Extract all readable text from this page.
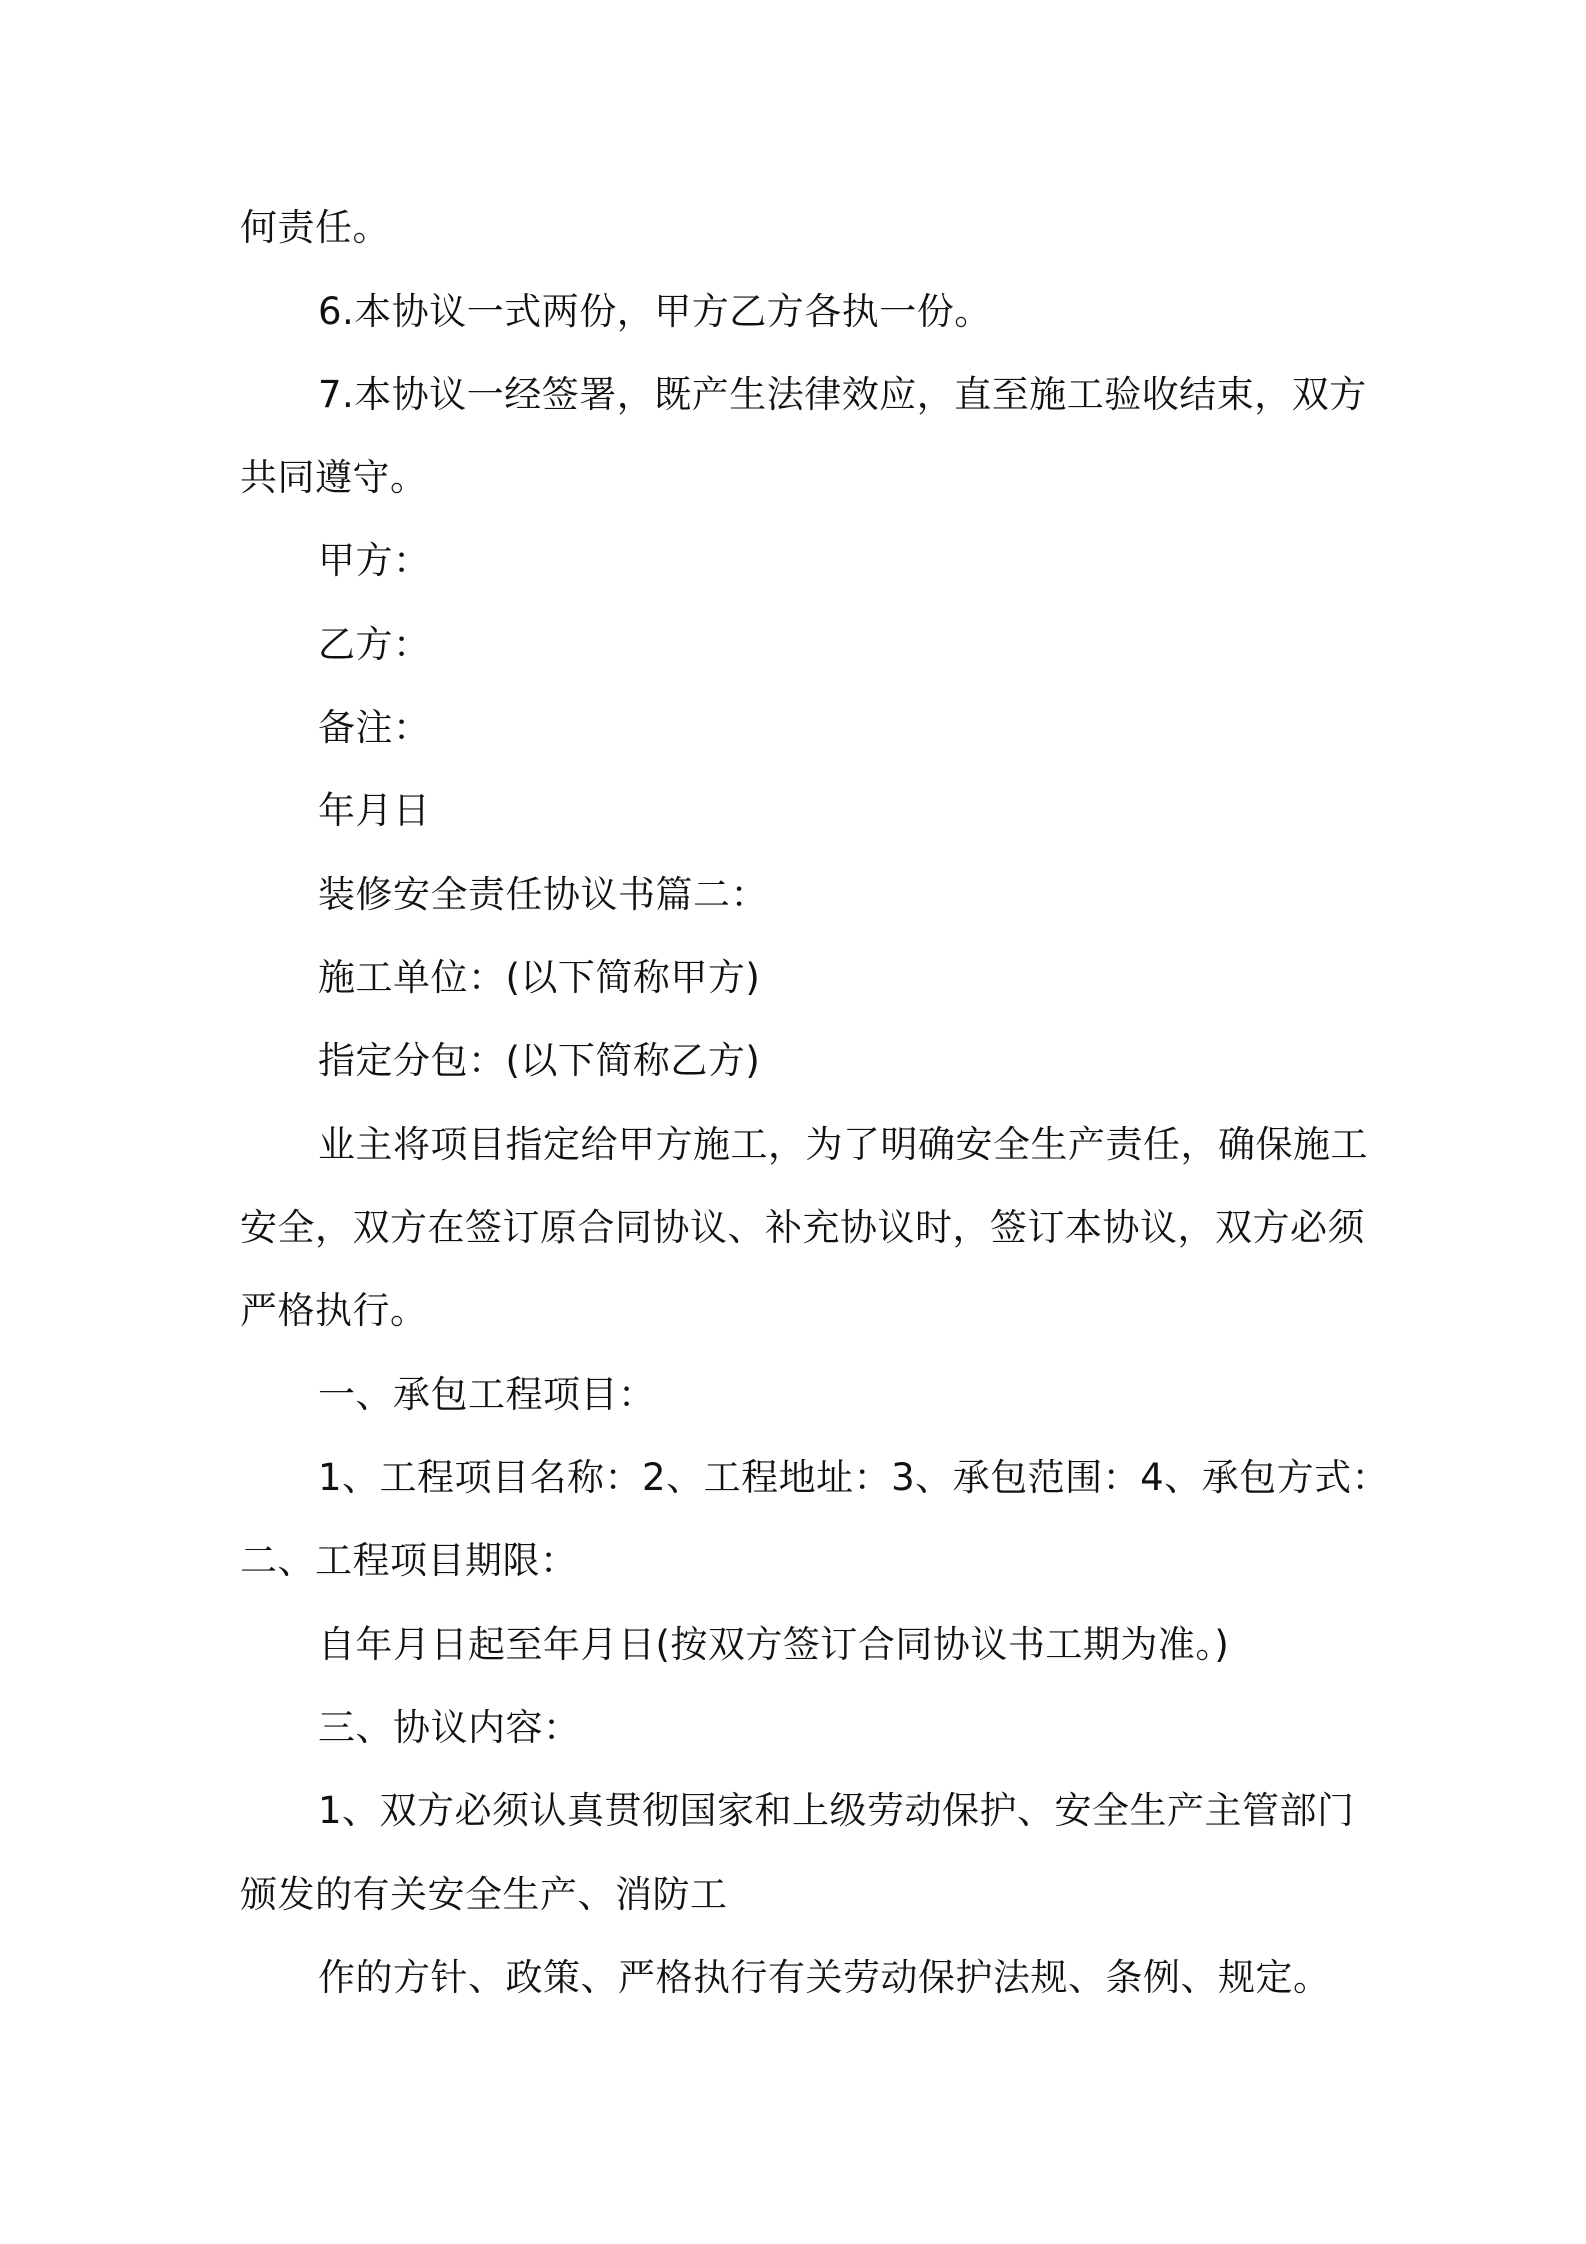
何责任。
6.本协议一式两份，甲方乙方各执一份。
7.本协议一经签署，既产生法律效应，直至施工验收结束，双方
共同遵守。
甲方：
乙方：
备注：
年月日
装修安全责任协议书篇二：
施工单位：(以下简称甲方)
指定分包：(以下简称乙方)
业主将项目指定给甲方施工，为了明确安全生产责任，确保施工
安全，双方在签订原合同协议、补充协议时，签订本协议，双方必须
严格执行。
一、承包工程项目：
1、工程项目名称：2、工程地址：3、承包范围：4、承包方式：
二、工程项目期限：
自年月日起至年月日(按双方签订合同协议书工期为准。)
三、协议内容：
1、双方必须认真贯彻国家和上级劳动保护、安全生产主管部门
颁发的有关安全生产、消防工
作的方针、政策、严格执行有关劳动保护法规、条例、规定。
